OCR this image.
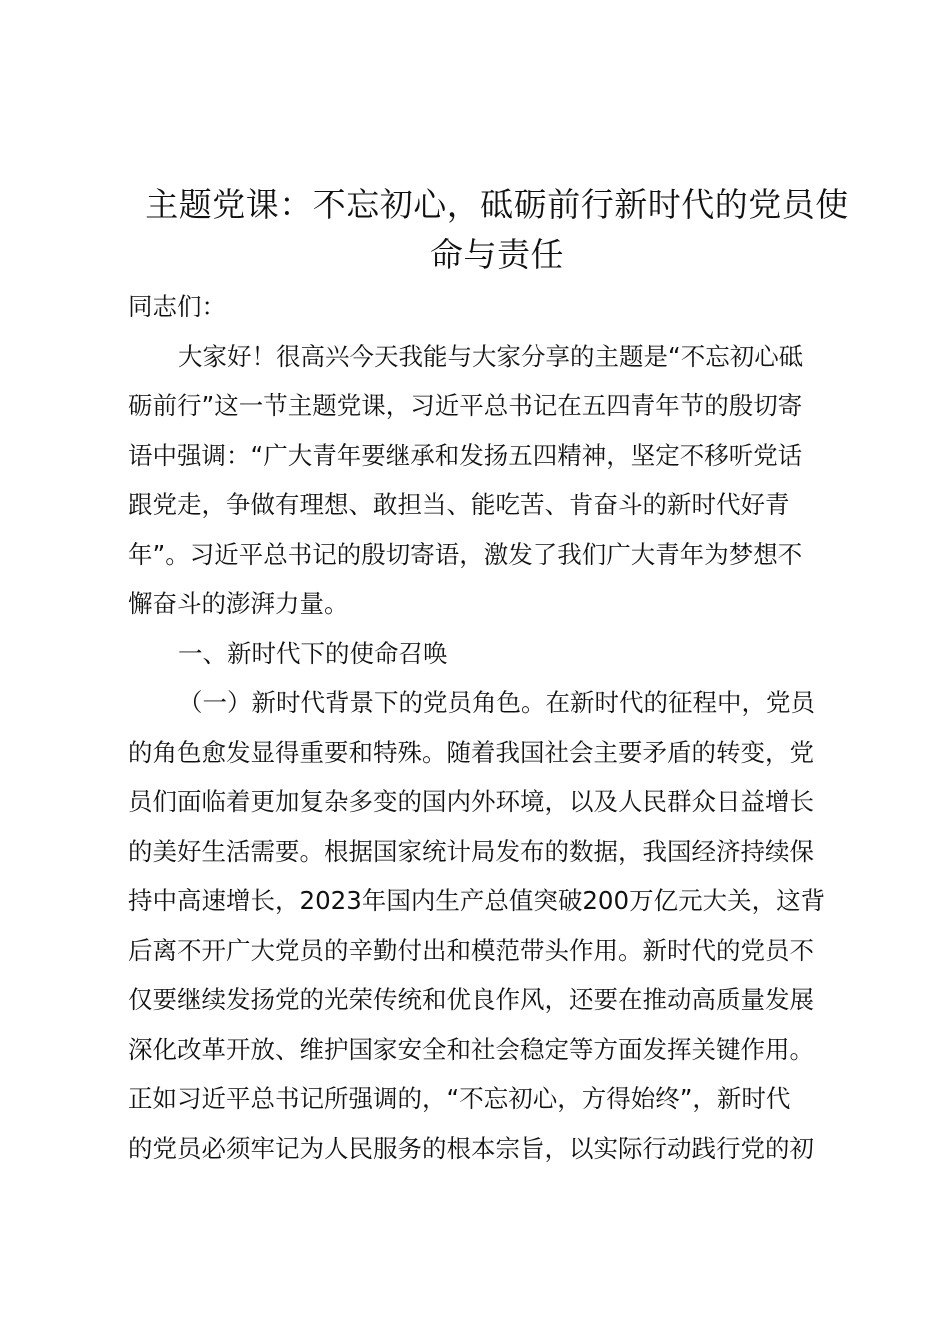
主题党课：不忘初心，砥砺前行新时代的党员使
命与责任
同志们：
大家好！很高兴今天我能与大家分享的主题是“不忘初心砥
砺前行”这一节主题党课，习近平总书记在五四青年节的殷切寄
语中强调：“广大青年要继承和发扬五四精神，坚定不移听党话
跟党走，争做有理想、敢担当、能吃苦、肯奋斗的新时代好青
年”。习近平总书记的殷切寄语，激发了我们广大青年为梦想不
懈奋斗的澎湃力量。
一、新时代下的使命召唤
（一）新时代背景下的党员角色。在新时代的征程中，党员
的角色愈发显得重要和特殊。随着我国社会主要矛盾的转变，党
员们面临着更加复杂多变的国内外环境，以及人民群众日益增长
的美好生活需要。根据国家统计局发布的数据，我国经济持续保
持中高速增长，2023年国内生产总值突破200万亿元大关，这背
后离不开广大党员的辛勤付出和模范带头作用。新时代的党员不
仅要继续发扬党的光荣传统和优良作风，还要在推动高质量发展
深化改革开放、维护国家安全和社会稳定等方面发挥关键作用。
正如习近平总书记所强调的，“不忘初心，方得始终”，新时代
的党员必须牢记为人民服务的根本宗旨，以实际行动践行党的初
